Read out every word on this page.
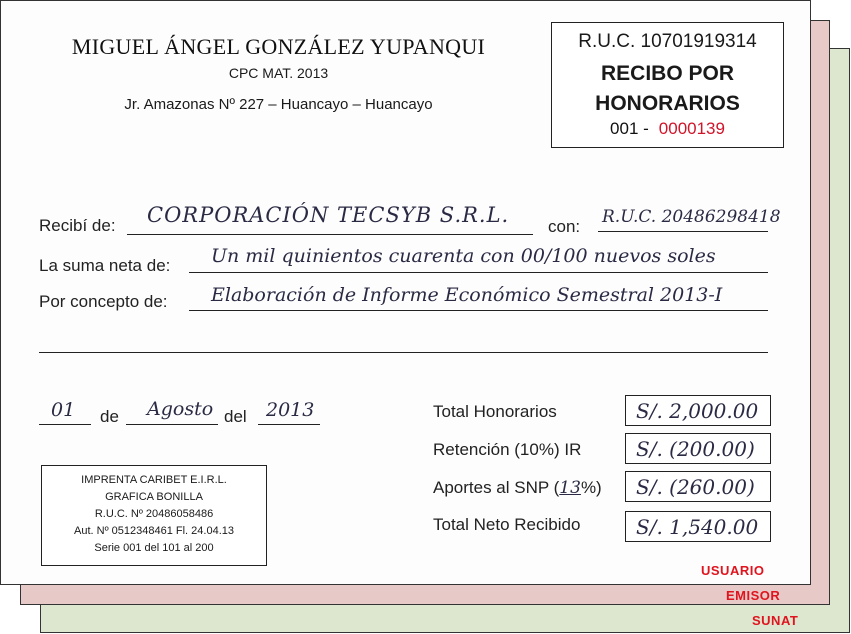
SUNAT
EMISOR
MIGUEL ÁNGEL GONZÁLEZ YUPANQUI
CPC MAT. 2013
Jr. Amazonas Nº 227 – Huancayo – Huancayo
R.U.C. 10701919314
RECIBO POR
HONORARIOS
001 - 0000139
Recibí de: CORPORACIÓN TECSYB S.R.L. con: R.U.C. 20486298418
La suma neta de: Un mil quinientos cuarenta con 00/100 nuevos soles
Por concepto de: Elaboración de Informe Económico Semestral 2013-I
01 de Agosto del 2013
IMPRENTA CARIBET E.I.R.L.
GRAFICA BONILLA
R.U.C. Nº 20486058486
Aut. Nº 0512348461 Fl. 24.04.13
Serie 001 del 101 al 200
Total Honorarios	S/. 2,000.00
Retención (10%) IR	S/. (200.00)
Aportes al SNP (13%) S/. (260.00)
Total Neto Recibido	S/. 1,540.00
USUARIO
